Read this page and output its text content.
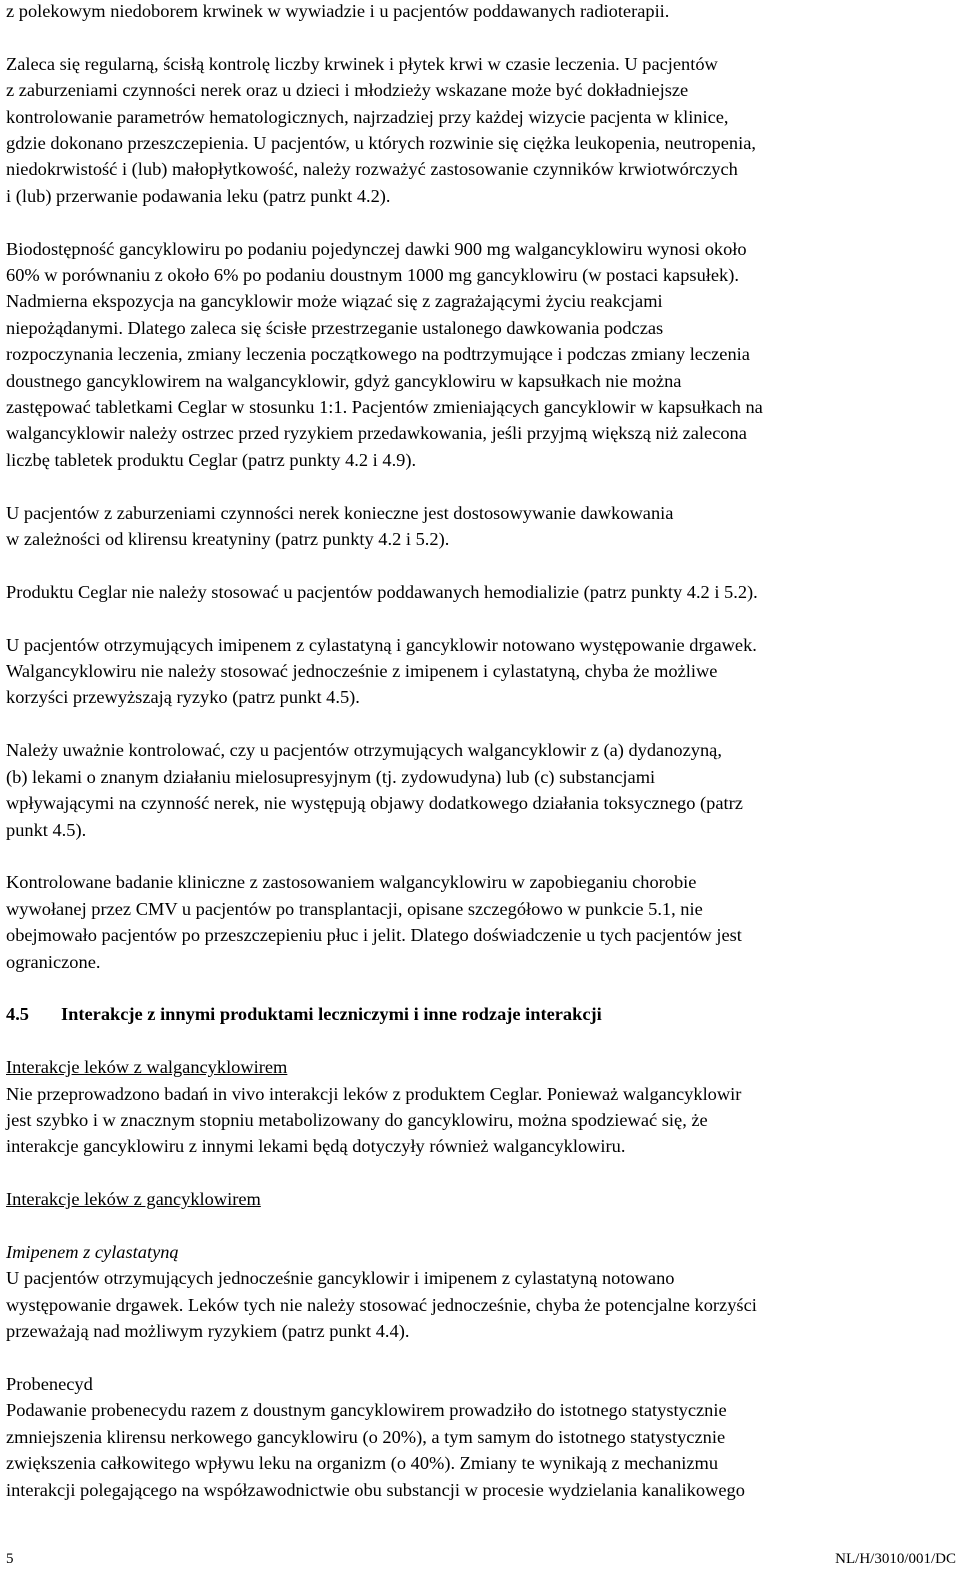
z polekowym niedoborem krwinek w wywiadzie i u pacjentów poddawanych radioterapii.
Zaleca się regularną, ścisłą kontrolę liczby krwinek i płytek krwi w czasie leczenia. U pacjentów
z zaburzeniami czynności nerek oraz u dzieci i młodzieży wskazane może być dokładniejsze
kontrolowanie parametrów hematologicznych, najrzadziej przy każdej wizycie pacjenta w klinice,
gdzie dokonano przeszczepienia. U pacjentów, u których rozwinie się ciężka leukopenia, neutropenia,
niedokrwistość i (lub) małopłytkowość, należy rozważyć zastosowanie czynników krwiotwórczych
i (lub) przerwanie podawania leku (patrz punkt 4.2).
Biodostępność gancyklowiru po podaniu pojedynczej dawki 900 mg walgancyklowiru wynosi około
60% w porównaniu z około 6% po podaniu doustnym 1000 mg gancyklowiru (w postaci kapsułek).
Nadmierna ekspozycja na gancyklowir może wiązać się z zagrażającymi życiu reakcjami
niepożądanymi. Dlatego zaleca się ścisłe przestrzeganie ustalonego dawkowania podczas
rozpoczynania leczenia, zmiany leczenia początkowego na podtrzymujące i podczas zmiany leczenia
doustnego gancyklowirem na walgancyklowir, gdyż gancyklowiru w kapsułkach nie można
zastępować tabletkami Ceglar w stosunku 1:1. Pacjentów zmieniających gancyklowir w kapsułkach na
walgancyklowir należy ostrzec przed ryzykiem przedawkowania, jeśli przyjmą większą niż zalecona
liczbę tabletek produktu Ceglar (patrz punkty 4.2 i 4.9).
U pacjentów z zaburzeniami czynności nerek konieczne jest dostosowywanie dawkowania
w zależności od klirensu kreatyniny (patrz punkty 4.2 i 5.2).
Produktu Ceglar nie należy stosować u pacjentów poddawanych hemodializie (patrz punkty 4.2 i 5.2).
U pacjentów otrzymujących imipenem z cylastatyną i gancyklowir notowano występowanie drgawek.
Walgancyklowiru nie należy stosować jednocześnie z imipenem i cylastatyną, chyba że możliwe
korzyści przewyższają ryzyko (patrz punkt 4.5).
Należy uważnie kontrolować, czy u pacjentów otrzymujących walgancyklowir z (a) dydanozyną,
(b) lekami o znanym działaniu mielosupresyjnym (tj. zydowudyna) lub (c) substancjami
wpływającymi na czynność nerek, nie występują objawy dodatkowego działania toksycznego (patrz
punkt 4.5).
Kontrolowane badanie kliniczne z zastosowaniem walgancyklowiru w zapobieganiu chorobie
wywołanej przez CMV u pacjentów po transplantacji, opisane szczegółowo w punkcie 5.1, nie
obejmowało pacjentów po przeszczepieniu płuc i jelit. Dlatego doświadczenie u tych pacjentów jest
ograniczone.
4.5	Interakcje z innymi produktami leczniczymi i inne rodzaje interakcji
Interakcje leków z walgancyklowirem
Nie przeprowadzono badań in vivo interakcji leków z produktem Ceglar. Ponieważ walgancyklowir
jest szybko i w znacznym stopniu metabolizowany do gancyklowiru, można spodziewać się, że
interakcje gancyklowiru z innymi lekami będą dotyczyły również walgancyklowiru.
Interakcje leków z gancyklowirem
Imipenem z cylastatyną
U pacjentów otrzymujących jednocześnie gancyklowir i imipenem z cylastatyną notowano
występowanie drgawek. Leków tych nie należy stosować jednocześnie, chyba że potencjalne korzyści
przeważają nad możliwym ryzykiem (patrz punkt 4.4).
Probenecyd
Podawanie probenecydu razem z doustnym gancyklowirem prowadziło do istotnego statystycznie
zmniejszenia klirensu nerkowego gancyklowiru (o 20%), a tym samym do istotnego statystycznie
zwiększenia całkowitego wpływu leku na organizm (o 40%). Zmiany te wynikają z mechanizmu
interakcji polegającego na współzawodnictwie obu substancji w procesie wydzielania kanalikowego
5	NL/H/3010/001/DC
